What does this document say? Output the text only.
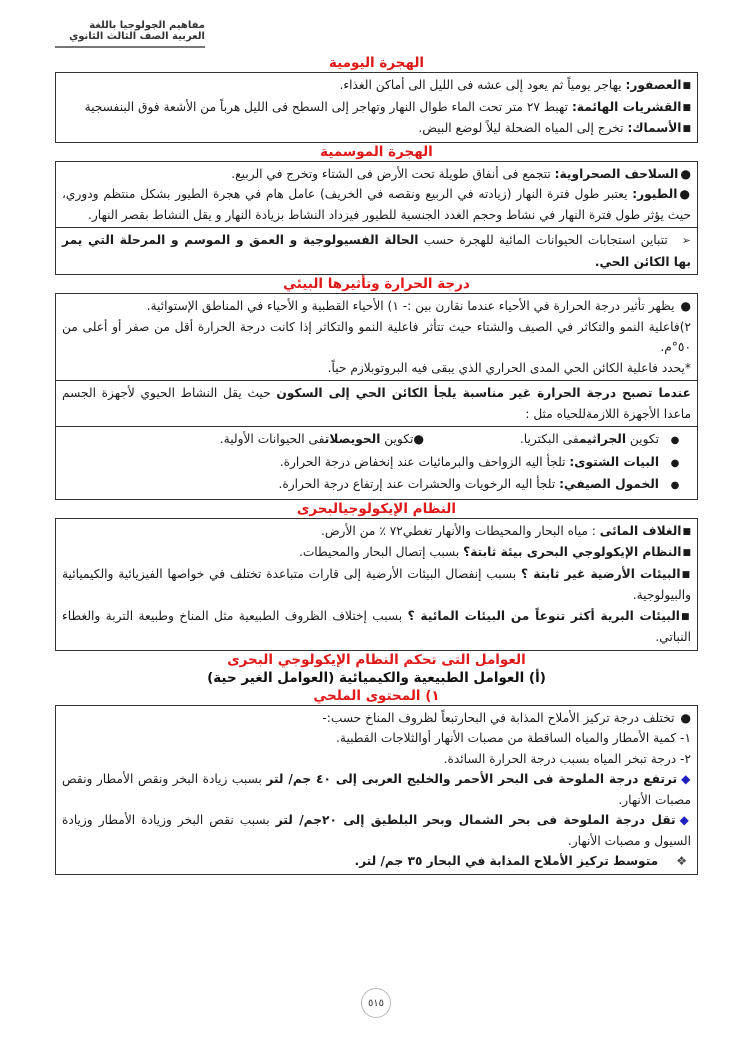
مفاهيم الجولوجيا باللغة العربية الصف الثالث الثانوي
الهجرة اليومية
■العصفور: يهاجر يومياً ثم يعود إلى عشه فى الليل الى أماكن الغذاء.
■القشريات الهائمة: تهبط ٢٧ متر تحت الماء طوال النهار وتهاجر إلى السطح فى الليل هرباً من الأشعة فوق البنفسجية
■الأسماك: تخرج إلى المياه الضحلة ليلاً لوضع البيض.
الهجرة الموسمية
●السلاحف الصحراوية: تتجمع فى أنفاق طويلة تحت الأرض فى الشتاء وتخرج في الربيع.
●الطيور: يعتبر طول فترة النهار (زيادته في الربيع ونقصه في الخريف) عامل هام في هجرة الطيور بشكل منتظم ودوري، حيث يؤثر طول فترة النهار في نشاط وحجم الغدد الجنسية للطيور فيزداد النشاط بزيادة النهار و يقل النشاط بقصر النهار.
➢تتباين استجابات الحيوانات المائية للهجرة حسب الحالة الفسيولوجية و العمق و الموسم و المرحلة التي يمر بها الكائن الحي.
درجة الحرارة وتأثيرها البيئي
● يظهر تأثير درجة الحرارة في الأحياء عندما نقارن بين :- ١) الأحياء القطبية و الأحياء في المناطق الإستوائية.
٢)فاعلية النمو والتكاثر في الصيف والشتاء حيث تتأثر فاعلية النمو والتكاثر إذا كانت درجة الحرارة أقل من صفر أو أعلى من ٥٠°م.
*يحدد فاعلية الكائن الحي المدى الحراري الذي يبقى فيه البروتوبلازم حياً.
عندما تصبح درجة الحرارة غير مناسبة يلجأ الكائن الحي إلى السكون حيث يقل النشاط الحيوي لأجهزة الجسم ماعدا الأجهزة اللازمةللحياه مثل :
●
تكوين الجراثيمفى البكتريا.
●تكوين الحويصلاتفى الحيوانات الأولية.
●
البيات الشتوى: تلجأ اليه الزواحف والبرمائيات عند إنخفاض درجة الحرارة.
●
الخمول الصيفي: تلجأ اليه الرخويات والحشرات عند إرتفاع درجة الحرارة.
النظام الإيكولوجيالبحرى
■الغلاف المائى : مياه البحار والمحيطات والأنهار تغطي٧٢ ٪ من الأرض.
■النظام الإيكولوجي البحرى بيئة ثابتة؟ بسبب إتصال البحار والمحيطات.
■البيئات الأرضية غير ثابتة ؟ بسبب إنفصال البيئات الأرضية إلى قارات متباعدة تختلف في خواصها الفيزيائية والكيميائية والبيولوجية.
■البيئات البرية أكثر تنوعاً من البيئات المائية ؟ بسبب إختلاف الظروف الطبيعية مثل المناخ وطبيعة التربة والغطاء النباتي.
العوامل التى تحكم النظام الإيكولوجي البحرى
(أ) العوامل الطبيعية والكيميائية (العوامل الغير حية)
١) المحتوى الملحي
● تختلف درجة تركيز الأملاح المذابة في البحارتبعاً لظروف المناخ حسب:-
١- كمية الأمطار والمياه الساقطة من مصبات الأنهار أوالثلاجات القطبية.
٢- درجة تبخر المياه بسبب درجة الحرارة السائدة.
◆ترتفع درجة الملوحة فى البحر الأحمر والخليج العربى إلى ٤٠ جم/ لتر بسبب زيادة البخر ونقص الأمطار ونقص مصبات الأنهار.
◆تقل درجة الملوحة فى بحر الشمال وبحر البلطيق إلى ٢٠جم/ لتر بسبب نقص البخر وزيادة الأمطار وزيادة السيول و مصبات الأنهار.
❖متوسط تركيز الأملاح المذابة في البحار ٣٥ جم/ لتر.
٥١٥
